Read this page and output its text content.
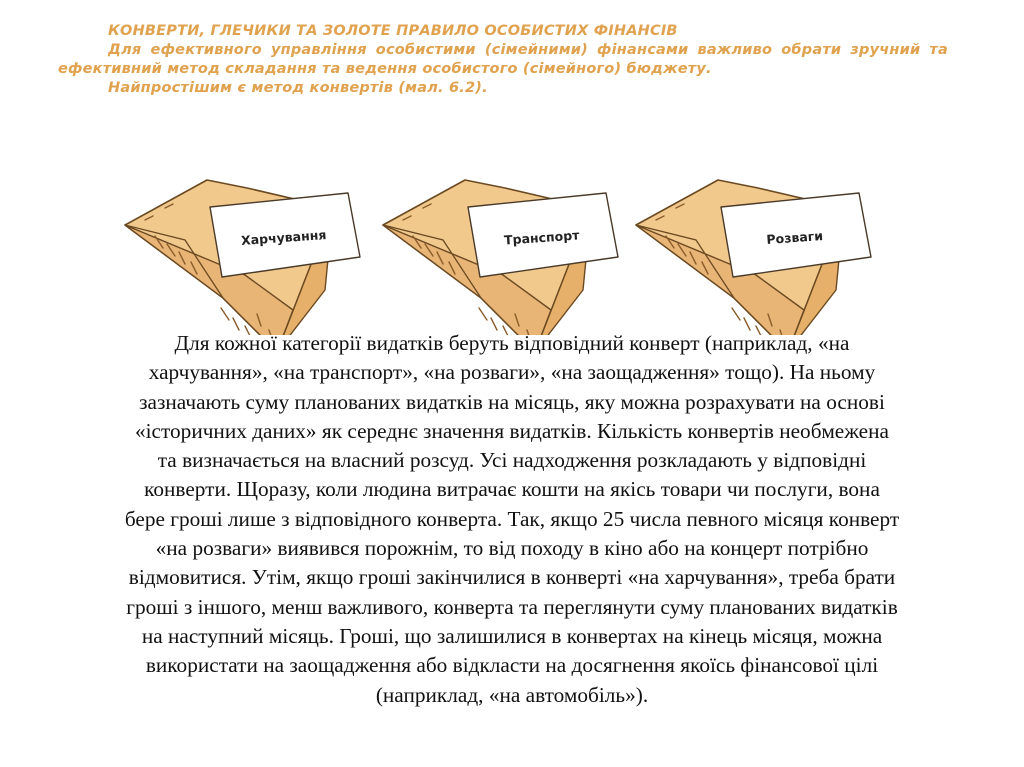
КОНВЕРТИ, ГЛЕЧИКИ ТА ЗОЛОТЕ ПРАВИЛО ОСОБИСТИХ ФІНАНСІВ
Для ефективного управління особистими (сімейними) фінансами важливо обрати зручний та ефективний метод складання та ведення особистого (сімейного) бюджету.
Найпростішим є метод конвертів (мал. 6.2).
Харчування	Транспорт	Розваги
Для кожної категорії видатків беруть відповідний конверт (наприклад, «на
харчування», «на транспорт», «на розваги», «на заощадження» тощо). На ньому
зазначають суму планованих видатків на місяць, яку можна розрахувати на основі
«історичних даних» як середнє значення видатків. Кількість конвертів необмежена
та визначається на власний розсуд. Усі надходження розкладають у відповідні
конверти. Щоразу, коли людина витрачає кошти на якісь товари чи послуги, вона
бере гроші лише з відповідного конверта. Так, якщо 25 числа певного місяця конверт
«на розваги» виявився порожнім, то від походу в кіно або на концерт потрібно
відмовитися. Утім, якщо гроші закінчилися в конверті «на харчування», треба брати
гроші з іншого, менш важливого, конверта та переглянути суму планованих видатків
на наступний місяць. Гроші, що залишилися в конвертах на кінець місяця, можна
використати на заощадження або відкласти на досягнення якоїсь фінансової цілі
(наприклад, «на автомобіль»).
